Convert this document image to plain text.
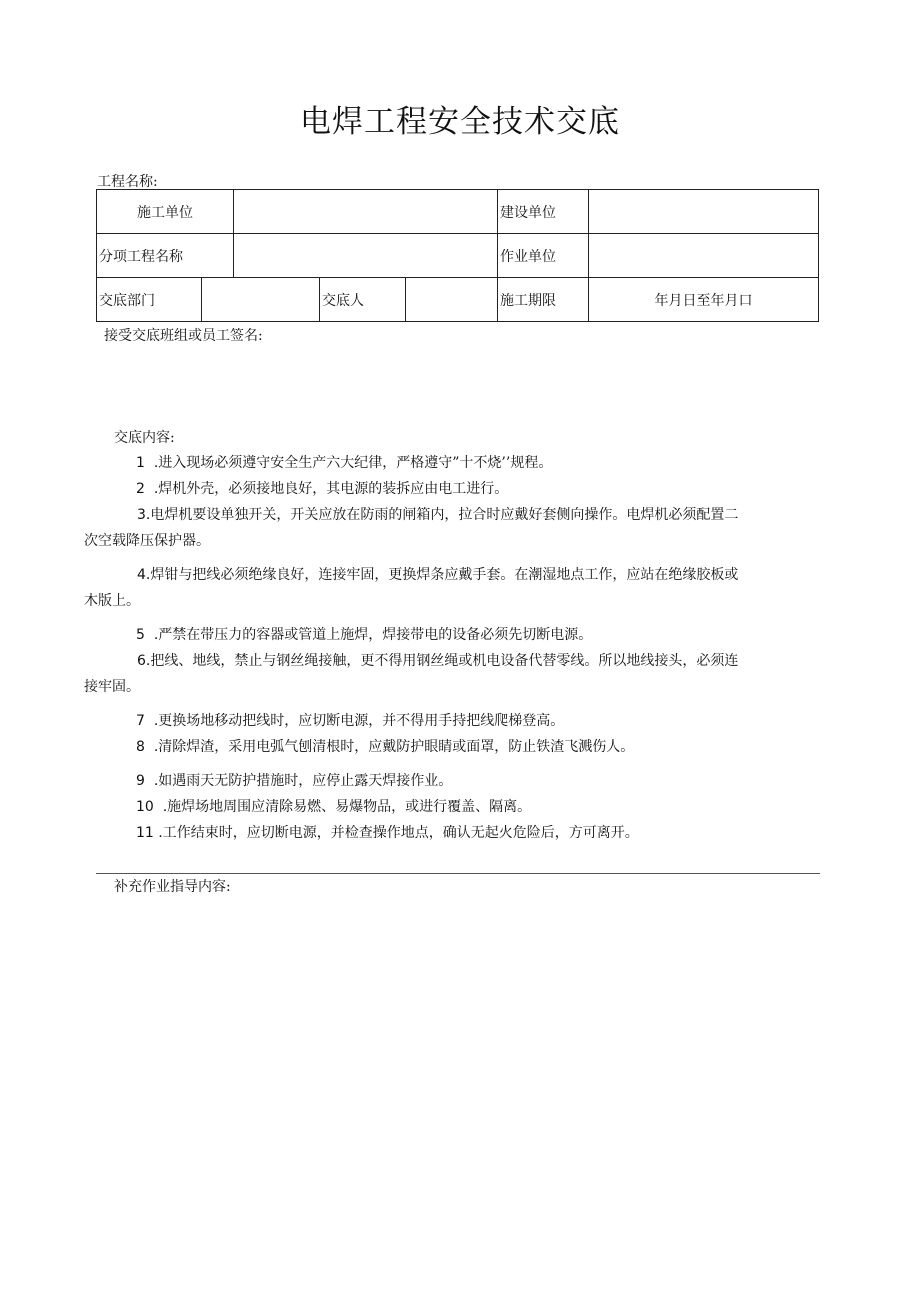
电焊工程安全技术交底
工程名称:
施工单位					建设单位	
分项工程名称					作业单位	
交底部门			交底人		施工期限	年月日至年月口
接受交底班组或员工签名:
交底内容:
1 .进入现场必须遵守安全生产六大纪律，严格遵守”十不烧’’规程。
2 .焊机外壳，必须接地良好，其电源的装拆应由电工进行。
3.电焊机要设单独开关，开关应放在防雨的闸箱内，拉合时应戴好套侧向操作。电焊机必须配置二
次空载降压保护器。
4.焊钳与把线必须绝缘良好，连接牢固，更换焊条应戴手套。在潮湿地点工作，应站在绝缘胶板或
木版上。
5 .严禁在带压力的容器或管道上施焊，焊接带电的设备必须先切断电源。
6.把线、地线，禁止与钢丝绳接触，更不得用钢丝绳或机电设备代替零线。所以地线接头，必须连
接牢固。
7 .更换场地移动把线时，应切断电源，并不得用手持把线爬梯登高。
8 .清除焊渣，采用电弧气刨清根时，应戴防护眼睛或面罩，防止铁渣飞溅伤人。
9 .如遇雨天无防护措施时，应停止露天焊接作业。
10 .施焊场地周围应清除易燃、易爆物品，或进行覆盖、隔离。
11 .工作结束时，应切断电源，并检查操作地点，确认无起火危险后，方可离开。
补充作业指导内容:
